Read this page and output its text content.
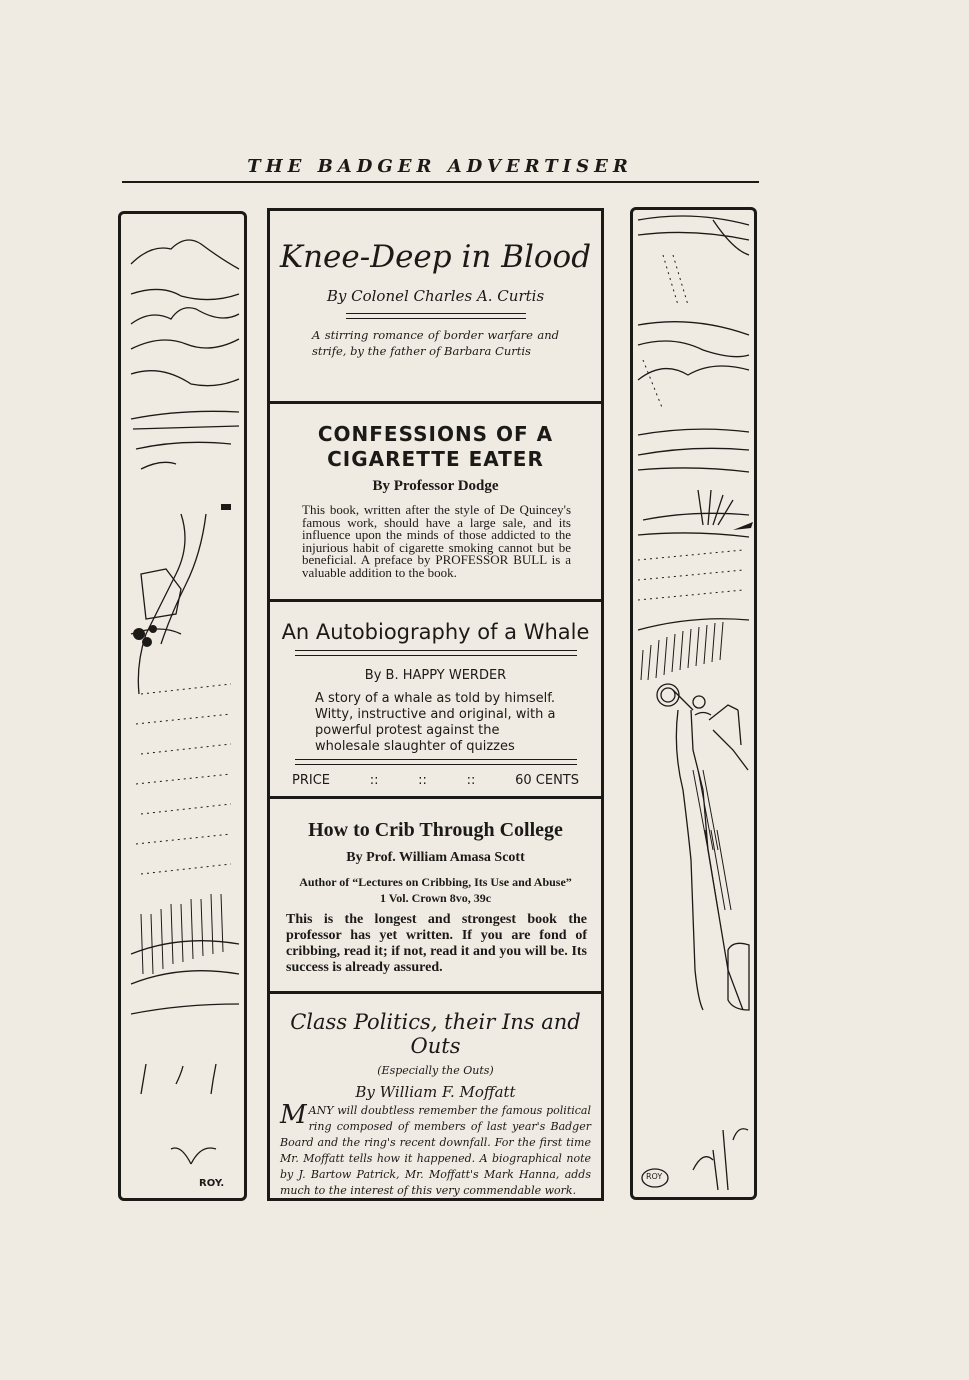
THE BADGER ADVERTISER
ROY.
Knee-Deep in Blood
By Colonel Charles A. Curtis
A stirring romance of border warfare and strife, by the father of Barbara Curtis
CONFESSIONS OF A
CIGARETTE EATER
By Professor Dodge
This book, written after the style of De Quincey's famous work, should have a large sale, and its influence upon the minds of those addicted to the injurious habit of cigarette smoking cannot but be beneficial. A preface by PROFESSOR BULL is a valuable addition to the book.
An Autobiography of a Whale
By B. HAPPY WERDER
A story of a whale as told by himself. Witty, instructive and original, with a powerful protest against the wholesale slaughter of quizzes
PRICE	::	::	::	60 CENTS
How to Crib Through College
By Prof. William Amasa Scott
Author of “Lectures on Cribbing, Its Use and Abuse”
1 Vol. Crown 8vo, 39c
This is the longest and strongest book the professor has yet written. If you are fond of cribbing, read it; if not, read it and you will be. Its success is already assured.
Class Politics, their Ins and Outs
(Especially the Outs)
By William F. Moffatt
M ANY will doubtless remember the famous political ring composed of members of last year's Badger Board and the ring's recent downfall. For the first time Mr. Moffatt tells how it happened. A biographical note by J. Bartow Patrick, Mr. Moffatt's Mark Hanna, adds much to the interest of this very commendable work.
ROY
